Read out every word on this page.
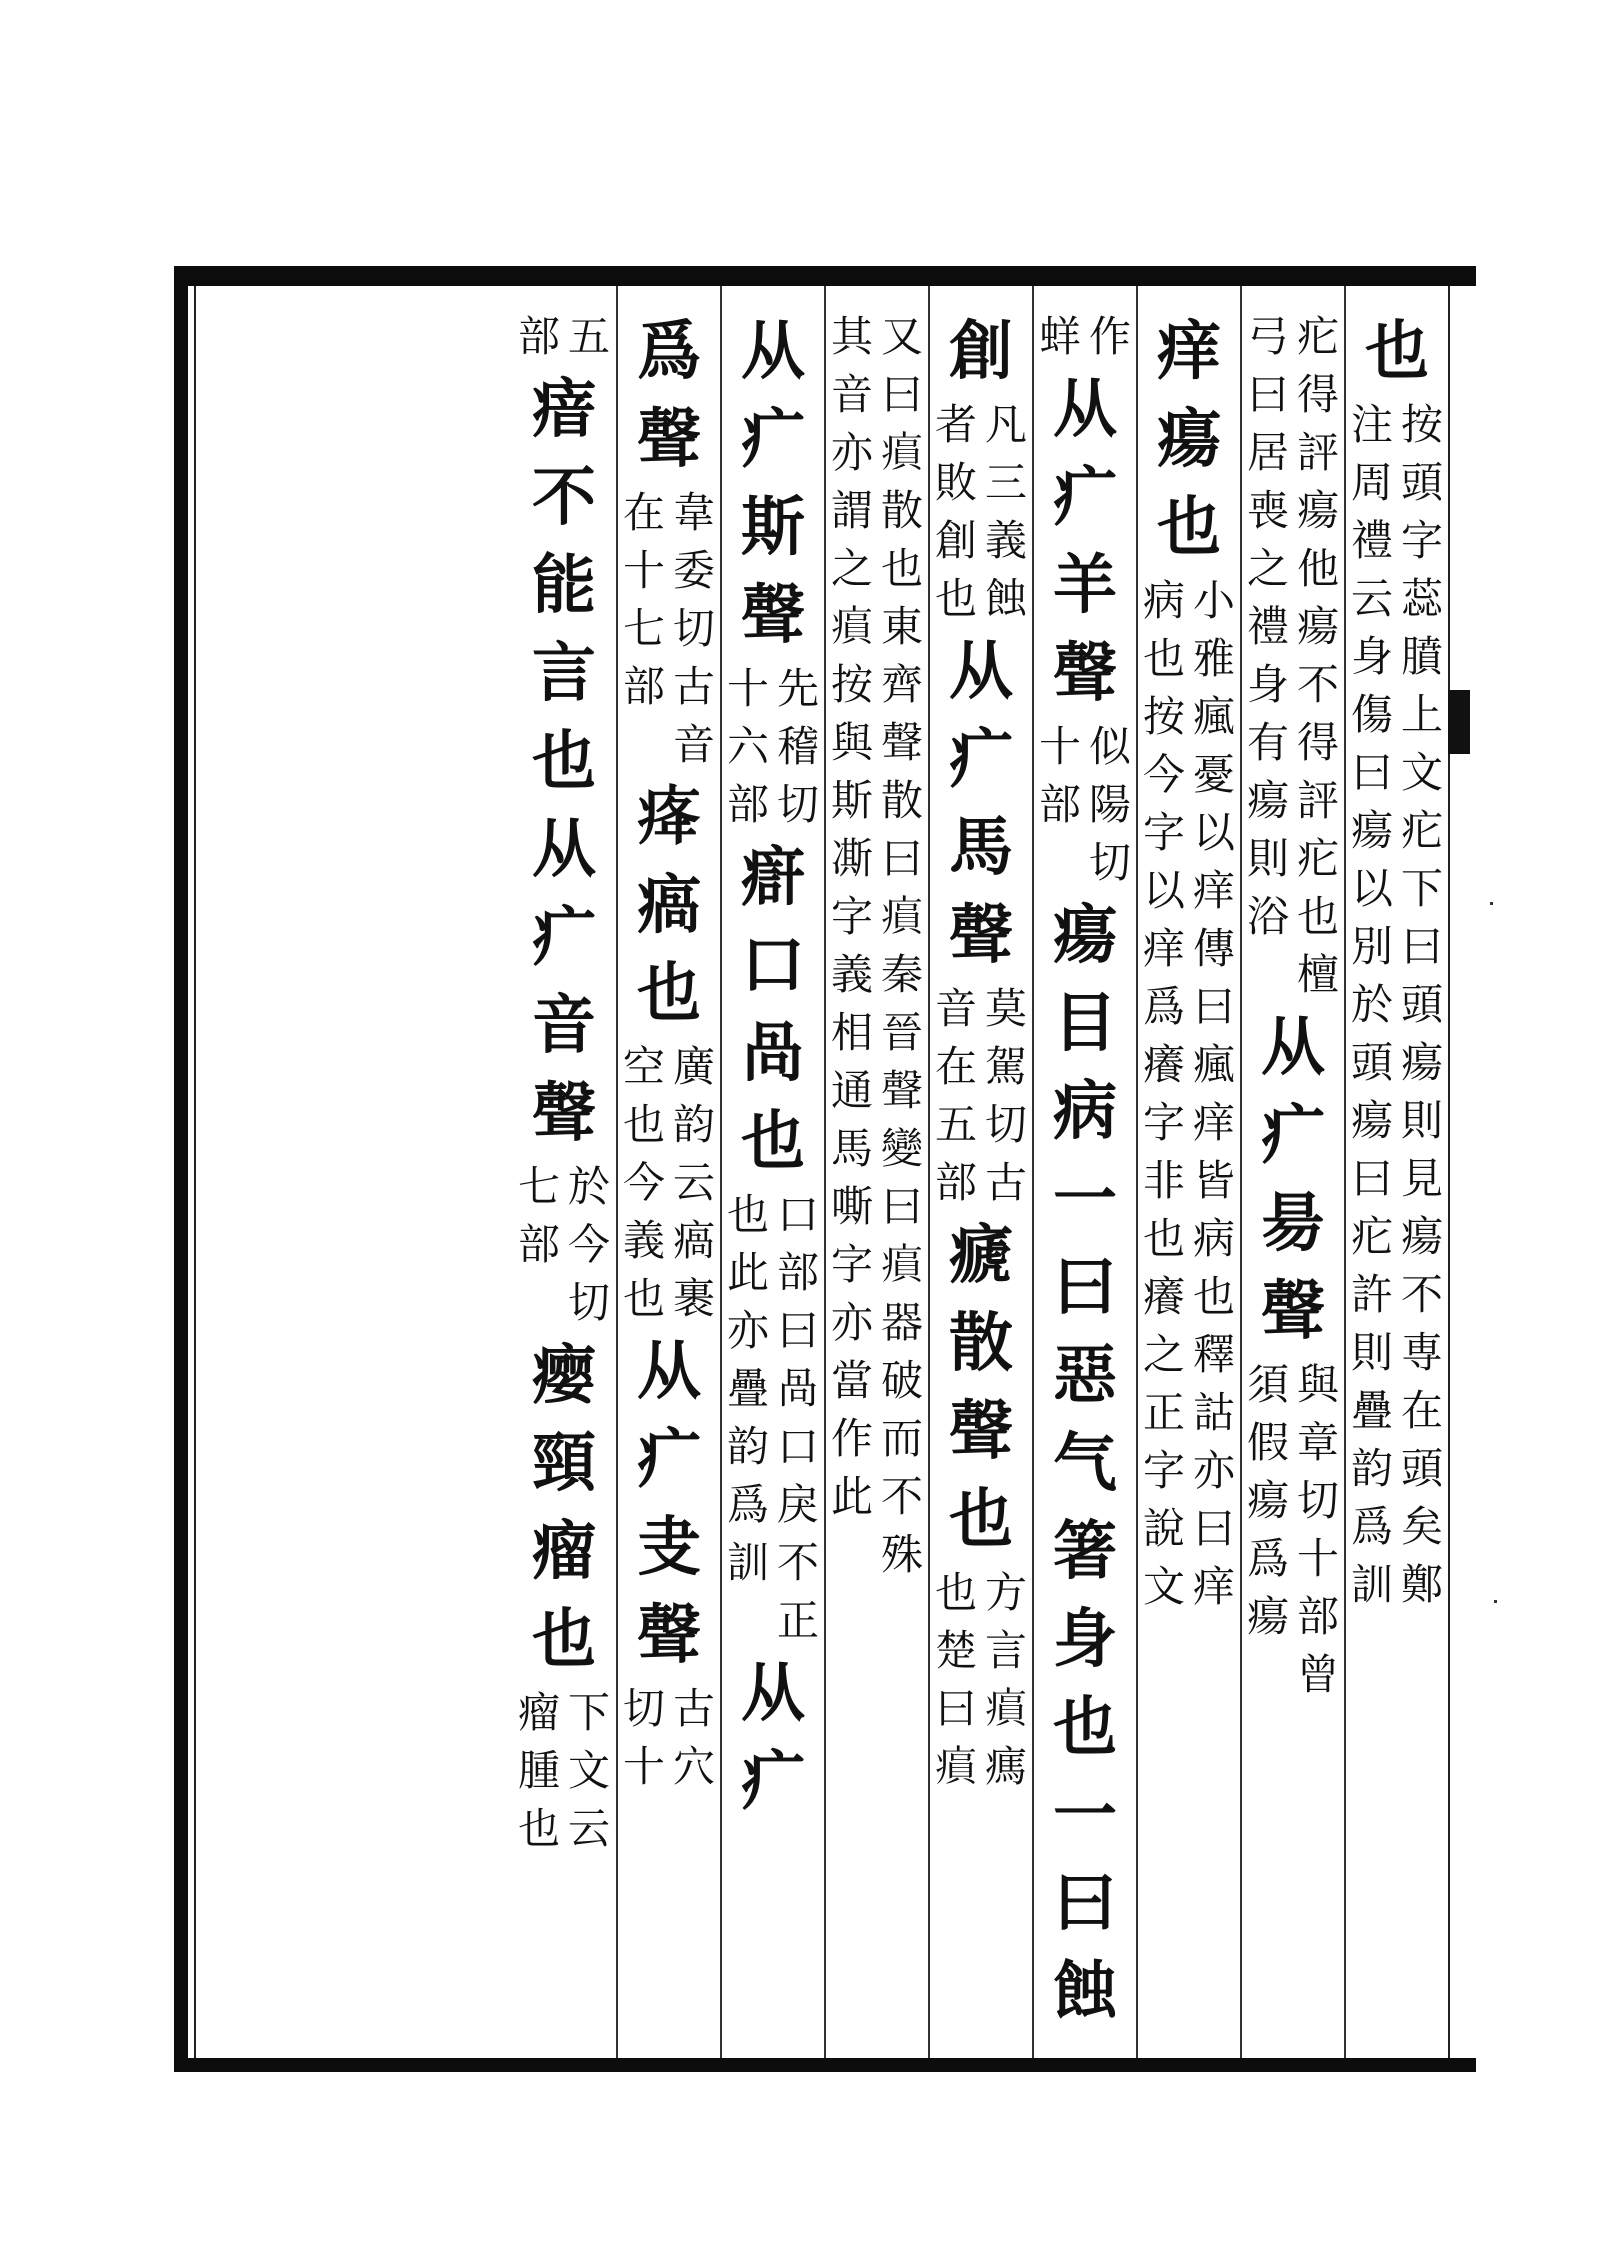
也
按
頭
字
蕊
膹
上
文
疕
下
曰
頭
瘍
則
見
瘍
不
専
在
頭
矣
鄭
注
周
禮
云
身
傷
曰
瘍
以
別
於
頭
瘍
曰
疕
許
則
疊
韵
爲
訓
疕
得
評
瘍
他
瘍
不
得
評
疕
也
檀
弓
曰
居
喪
之
禮
身
有
瘍
則
浴
从
疒
昜
聲
與
章
切
十
部
曾
須
假
瘍
爲
瘍
痒
瘍
也
小
雅
瘋
憂
以
痒
傳
曰
瘋
痒
皆
病
也
釋
詁
亦
曰
痒
病
也
按
今
字
以
痒
爲
癢
字
非
也
癢
之
正
字
說
文
作
蛘
从
疒
羊
聲
似
陽
切
十
部
瘍
目
病
一
曰
惡
气
箸
身
也
一
曰
蝕
創
凡
三
義
蝕
者
敗
創
也
从
疒
馬
聲
莫
駕
切
古
音
在
五
部
㾷
散
聲
也
方
言
𤸫
㾺
也
楚
曰
𤸫
又
曰
𤸫
散
也
東
齊
聲
散
曰
𤸫
秦
晉
聲
變
曰
𤸫
器
破
而
不
殊
其
音
亦
謂
之
𤸫
按
與
斯
凘
字
義
相
通
馬
嘶
字
亦
當
作
此
从
疒
斯
聲
先
稽
切
十
六
部
㾵
口
咼
也
口
部
曰
咼
口
戾
不
正
也
此
亦
疊
韵
爲
訓
从
疒
爲
聲
韋
委
切
古
音
在
十
七
部
𤵸
瘑
也
廣
韵
云
瘑
裹
空
也
今
義
也
从
疒
叏
聲
古
穴
切
十
五
部
瘖
不
能
言
也
从
疒
音
聲
於
今
切
七
部
瘿
頸
瘤
也
下
文
云
瘤
腫
也
